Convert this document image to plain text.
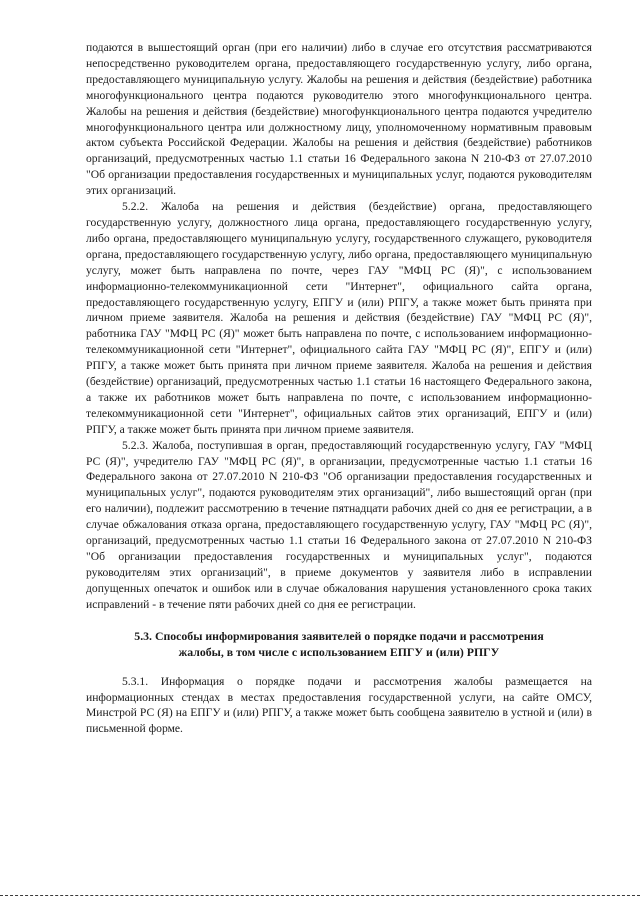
подаются в вышестоящий орган (при его наличии) либо в случае его отсутствия рассматриваются непосредственно руководителем органа, предоставляющего государственную услугу, либо органа, предоставляющего муниципальную услугу. Жалобы на решения и действия (бездействие) работника многофункционального центра подаются руководителю этого многофункционального центра. Жалобы на решения и действия (бездействие) многофункционального центра подаются учредителю многофункционального центра или должностному лицу, уполномоченному нормативным правовым актом субъекта Российской Федерации. Жалобы на решения и действия (бездействие) работников организаций, предусмотренных частью 1.1 статьи 16 Федерального закона N 210-ФЗ от 27.07.2010 "Об организации предоставления государственных и муниципальных услуг, подаются руководителям этих организаций.

5.2.2. Жалоба на решения и действия (бездействие) органа, предоставляющего государственную услугу, должностного лица органа, предоставляющего государственную услугу, либо органа, предоставляющего муниципальную услугу, государственного служащего, руководителя органа, предоставляющего государственную услугу, либо органа, предоставляющего муниципальную услугу, может быть направлена по почте, через ГАУ "МФЦ РС (Я)", с использованием информационно-телекоммуникационной сети "Интернет", официального сайта органа, предоставляющего государственную услугу, ЕПГУ и (или) РПГУ, а также может быть принята при личном приеме заявителя. Жалоба на решения и действия (бездействие) ГАУ "МФЦ РС (Я)", работника ГАУ "МФЦ РС (Я)" может быть направлена по почте, с использованием информационно-телекоммуникационной сети "Интернет", официального сайта ГАУ "МФЦ РС (Я)", ЕПГУ и (или) РПГУ, а также может быть принята при личном приеме заявителя. Жалоба на решения и действия (бездействие) организаций, предусмотренных частью 1.1 статьи 16 настоящего Федерального закона, а также их работников может быть направлена по почте, с использованием информационно-телекоммуникационной сети "Интернет", официальных сайтов этих организаций, ЕПГУ и (или) РПГУ, а также может быть принята при личном приеме заявителя.

5.2.3. Жалоба, поступившая в орган, предоставляющий государственную услугу, ГАУ "МФЦ РС (Я)", учредителю ГАУ "МФЦ РС (Я)", в организации, предусмотренные частью 1.1 статьи 16 Федерального закона от 27.07.2010 N 210-ФЗ "Об организации предоставления государственных и муниципальных услуг", подаются руководителям этих организаций", либо вышестоящий орган (при его наличии), подлежит рассмотрению в течение пятнадцати рабочих дней со дня ее регистрации, а в случае обжалования отказа органа, предоставляющего государственную услугу, ГАУ "МФЦ РС (Я)", организаций, предусмотренных частью 1.1 статьи 16 Федерального закона от 27.07.2010 N 210-ФЗ "Об организации предоставления государственных и муниципальных услуг", подаются руководителям этих организаций", в приеме документов у заявителя либо в исправлении допущенных опечаток и ошибок или в случае обжалования нарушения установленного срока таких исправлений - в течение пяти рабочих дней со дня ее регистрации.

5.3. Способы информирования заявителей о порядке подачи и рассмотрения жалобы, в том числе с использованием ЕПГУ и (или) РПГУ

5.3.1. Информация о порядке подачи и рассмотрения жалобы размещается на информационных стендах в местах предоставления государственной услуги, на сайте ОМСУ, Минстрой РС (Я) на ЕПГУ и (или) РПГУ, а также может быть сообщена заявителю в устной и (или) в письменной форме.
